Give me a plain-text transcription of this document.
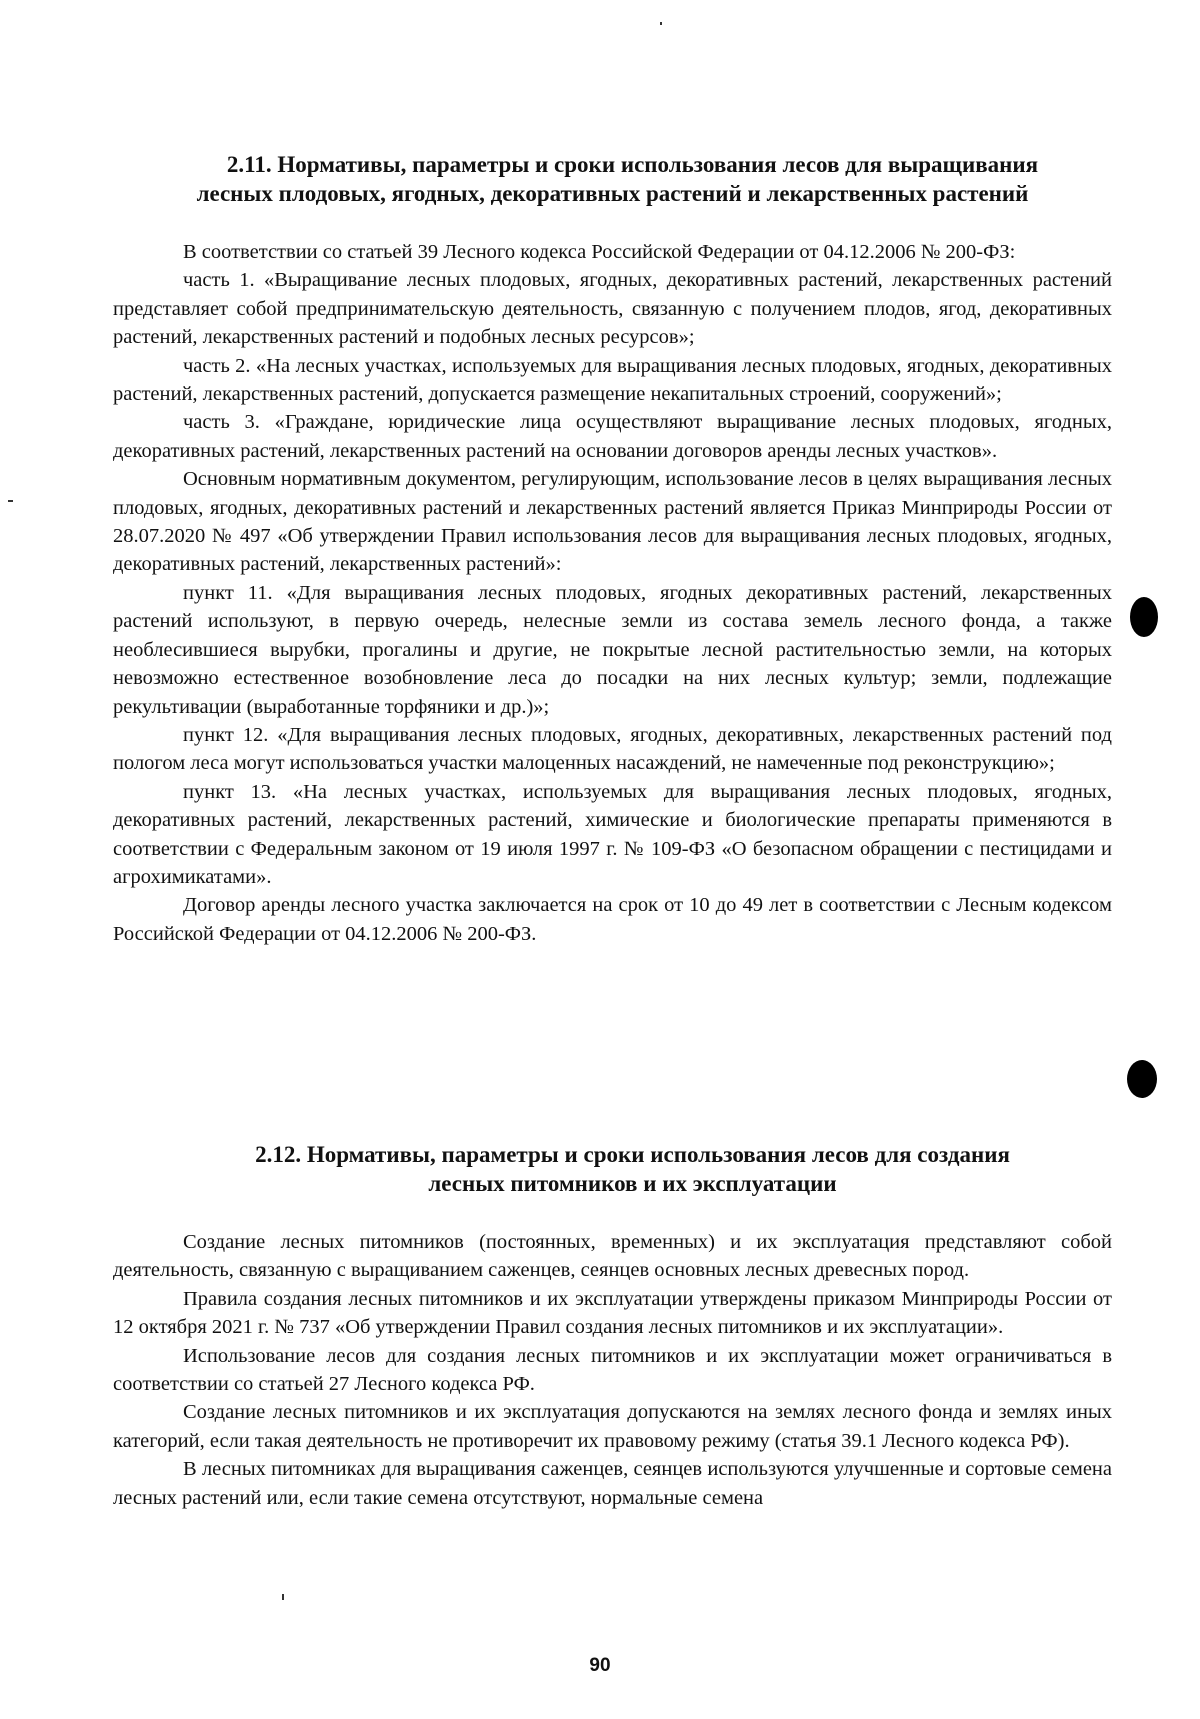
2.11. Нормативы, параметры и сроки использования лесов для выращивания
лесных плодовых, ягодных, декоративных растений и лекарственных растений

В соответствии со статьей 39 Лесного кодекса Российской Федерации от 04.12.2006 № 200-ФЗ:

часть 1. «Выращивание лесных плодовых, ягодных, декоративных растений, лекарственных растений представляет собой предпринимательскую деятельность, связанную с получением плодов, ягод, декоративных растений, лекарственных растений и подобных лесных ресурсов»;

часть 2. «На лесных участках, используемых для выращивания лесных плодовых, ягодных, декоративных растений, лекарственных растений, допускается размещение некапитальных строений, сооружений»;

часть 3. «Граждане, юридические лица осуществляют выращивание лесных плодовых, ягодных, декоративных растений, лекарственных растений на основании договоров аренды лесных участков».

Основным нормативным документом, регулирующим, использование лесов в целях выращивания лесных плодовых, ягодных, декоративных растений и лекарственных растений является Приказ Минприроды России от 28.07.2020 № 497 «Об утверждении Правил использования лесов для выращивания лесных плодовых, ягодных, декоративных растений, лекарственных растений»:

пункт 11. «Для выращивания лесных плодовых, ягодных декоративных растений, лекарственных растений используют, в первую очередь, нелесные земли из состава земель лесного фонда, а также необлесившиеся вырубки, прогалины и другие, не покрытые лесной растительностью земли, на которых невозможно естественное возобновление леса до посадки на них лесных культур; земли, подлежащие рекультивации (выработанные торфяники и др.)»;

пункт 12. «Для выращивания лесных плодовых, ягодных, декоративных, лекарственных растений под пологом леса могут использоваться участки малоценных насаждений, не намеченные под реконструкцию»;

пункт 13. «На лесных участках, используемых для выращивания лесных плодовых, ягодных, декоративных растений, лекарственных растений, химические и биологические препараты применяются в соответствии с Федеральным законом от 19 июля 1997 г. № 109-ФЗ «О безопасном обращении с пестицидами и агрохимикатами».

Договор аренды лесного участка заключается на срок от 10 до 49 лет в соответствии с Лесным кодексом Российской Федерации от 04.12.2006 № 200-ФЗ.

2.12. Нормативы, параметры и сроки использования лесов для создания
лесных питомников и их эксплуатации

Создание лесных питомников (постоянных, временных) и их эксплуатация представляют собой деятельность, связанную с выращиванием саженцев, сеянцев основных лесных древесных пород.

Правила создания лесных питомников и их эксплуатации утверждены приказом Минприроды России от 12 октября 2021 г. № 737 «Об утверждении Правил создания лесных питомников и их эксплуатации».

Использование лесов для создания лесных питомников и их эксплуатации может ограничиваться в соответствии со статьей 27 Лесного кодекса РФ.

Создание лесных питомников и их эксплуатация допускаются на землях лесного фонда и землях иных категорий, если такая деятельность не противоречит их правовому режиму (статья 39.1 Лесного кодекса РФ).

В лесных питомниках для выращивания саженцев, сеянцев используются улучшенные и сортовые семена лесных растений или, если такие семена отсутствуют, нормальные семена

90
